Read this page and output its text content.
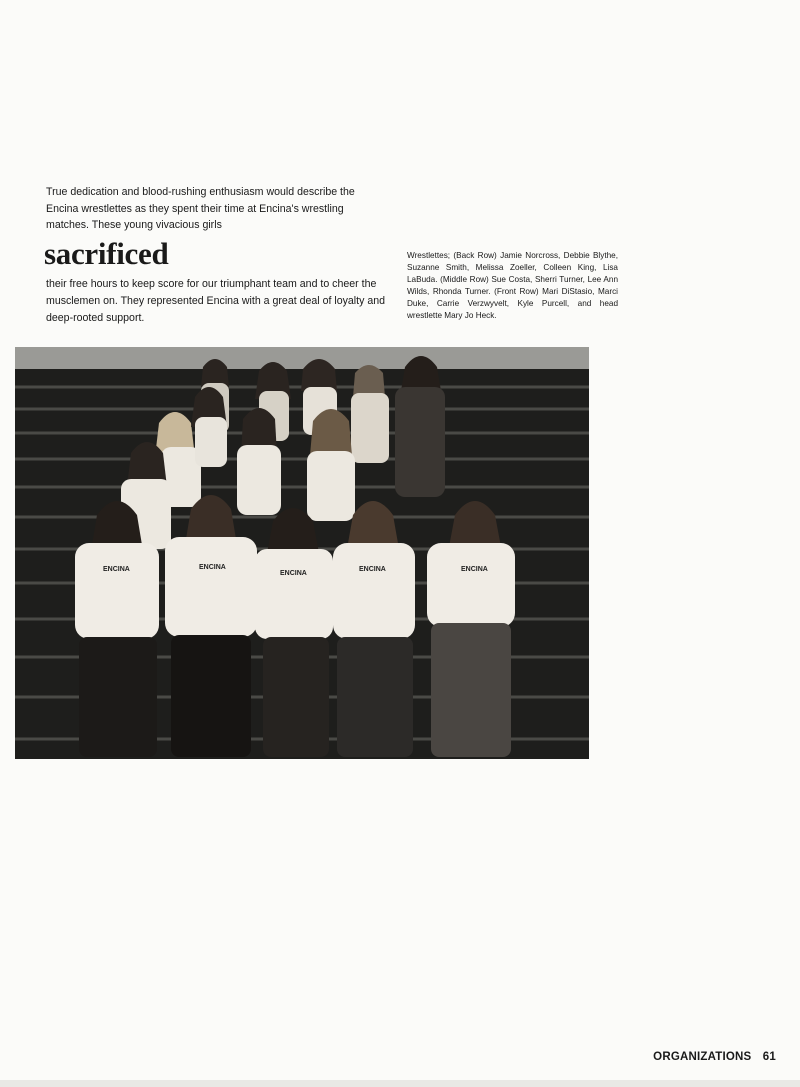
True dedication and blood-rushing enthusiasm would describe the Encina wrestlettes as they spent their time at Encina's wrestling matches. These young vivacious girls

sacrificed

their free hours to keep score for our triumphant team and to cheer the musclemen on. They represented Encina with a great deal of loyalty and deep-rooted support.

Wrestlettes; (Back Row) Jamie Norcross, Debbie Blythe, Suzanne Smith, Melissa Zoeller, Colleen King, Lisa LaBuda. (Middle Row) Sue Costa, Sherri Turner, Lee Ann Wilds, Rhonda Turner. (Front Row) Mari DiStasio, Marci Duke, Carrie Verzwyvelt, Kyle Purcell, and head wrestlette Mary Jo Heck.

ENCINA	ENCINA
ENCINA
ENCINA	ENCINA
ORGANIZATIONS 61
